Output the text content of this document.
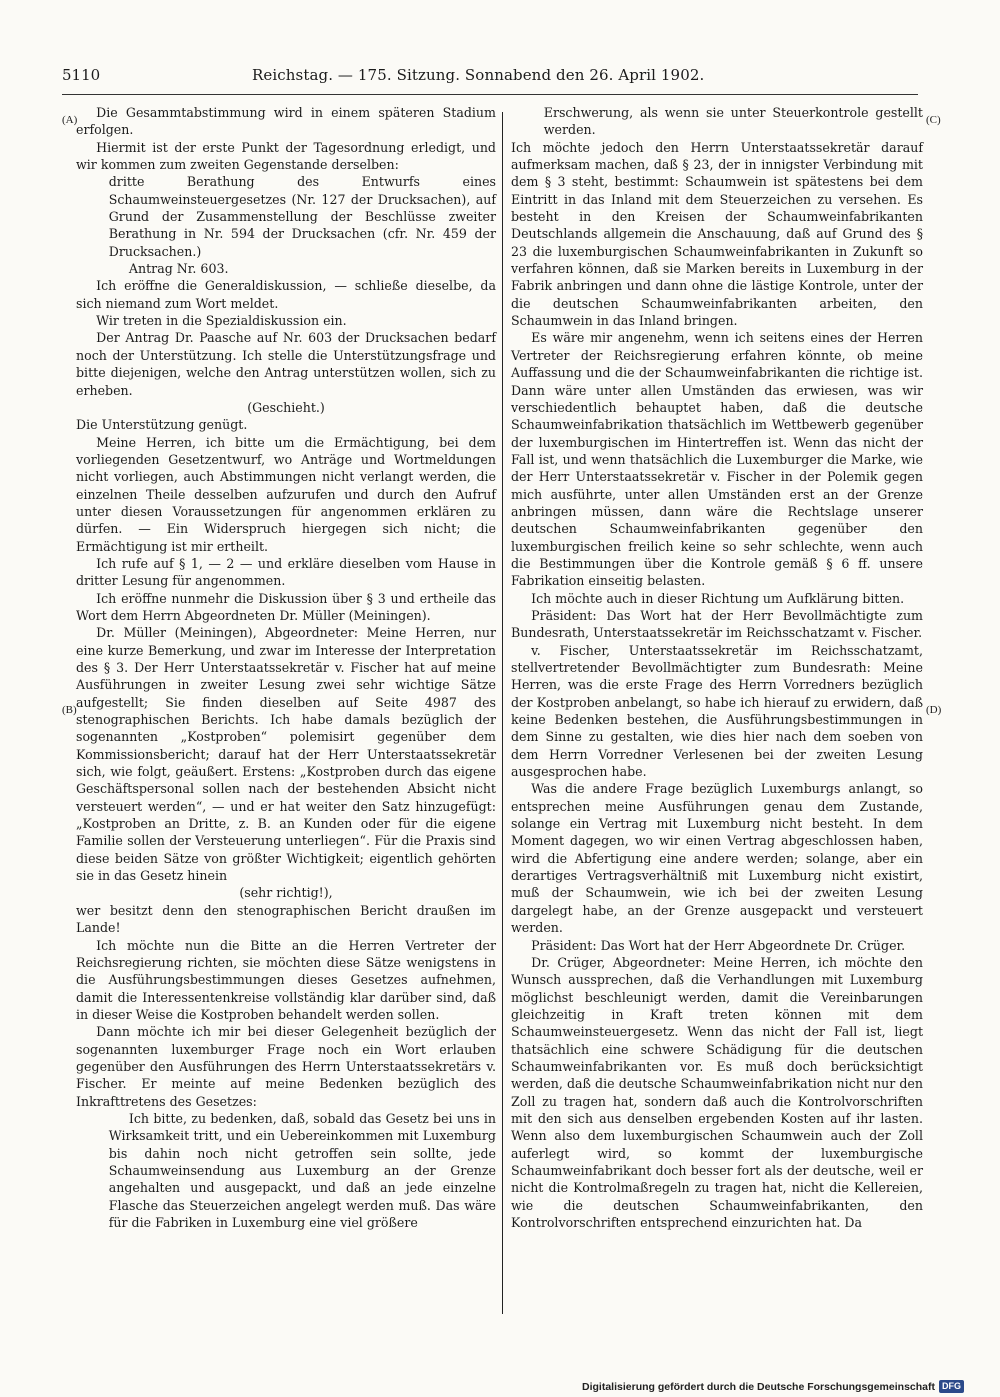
5110	Reichstag. — 175. Sitzung. Sonnabend den 26. April 1902.
(A)
(B)
(C)
(D)

Die Gesammtabstimmung wird in einem späteren Stadium erfolgen.

Hiermit ist der erste Punkt der Tagesordnung erledigt, und wir kommen zum zweiten Gegenstande derselben:

dritte Berathung des Entwurfs eines Schaumweinsteuergesetzes (Nr. 127 der Drucksachen), auf Grund der Zusammenstellung der Beschlüsse zweiter Berathung in Nr. 594 der Drucksachen (cfr. Nr. 459 der Drucksachen.)

Antrag Nr. 603.

Ich eröffne die Generaldiskussion, — schließe dieselbe, da sich niemand zum Wort meldet.

Wir treten in die Spezialdiskussion ein.

Der Antrag Dr. Paasche auf Nr. 603 der Drucksachen bedarf noch der Unterstützung. Ich stelle die Unterstützungsfrage und bitte diejenigen, welche den Antrag unterstützen wollen, sich zu erheben.

(Geschieht.)

Die Unterstützung genügt.

Meine Herren, ich bitte um die Ermächtigung, bei dem vorliegenden Gesetzentwurf, wo Anträge und Wortmeldungen nicht vorliegen, auch Abstimmungen nicht verlangt werden, die einzelnen Theile desselben aufzurufen und durch den Aufruf unter diesen Voraussetzungen für angenommen erklären zu dürfen. — Ein Widerspruch hiergegen sich nicht; die Ermächtigung ist mir ertheilt.

Ich rufe auf § 1, — 2 — und erkläre dieselben vom Hause in dritter Lesung für angenommen.

Ich eröffne nunmehr die Diskussion über § 3 und ertheile das Wort dem Herrn Abgeordneten Dr. Müller (Meiningen).

Dr. Müller (Meiningen), Abgeordneter: Meine Herren, nur eine kurze Bemerkung, und zwar im Interesse der Interpretation des § 3. Der Herr Unterstaatssekretär v. Fischer hat auf meine Ausführungen in zweiter Lesung zwei sehr wichtige Sätze aufgestellt; Sie finden dieselben auf Seite 4987 des stenographischen Berichts. Ich habe damals bezüglich der sogenannten „Kostproben“ polemisirt gegenüber dem Kommissionsbericht; darauf hat der Herr Unterstaatssekretär sich, wie folgt, geäußert. Erstens: „Kostproben durch das eigene Geschäftspersonal sollen nach der bestehenden Absicht nicht versteuert werden“, — und er hat weiter den Satz hinzugefügt: „Kostproben an Dritte, z. B. an Kunden oder für die eigene Familie sollen der Versteuerung unterliegen“. Für die Praxis sind diese beiden Sätze von größter Wichtigkeit; eigentlich gehörten sie in das Gesetz hinein

(sehr richtig!),

wer besitzt denn den stenographischen Bericht draußen im Lande!

Ich möchte nun die Bitte an die Herren Vertreter der Reichsregierung richten, sie möchten diese Sätze wenigstens in die Ausführungsbestimmungen dieses Gesetzes aufnehmen, damit die Interessentenkreise vollständig klar darüber sind, daß in dieser Weise die Kostproben behandelt werden sollen.

Dann möchte ich mir bei dieser Gelegenheit bezüglich der sogenannten luxemburger Frage noch ein Wort erlauben gegenüber den Ausführungen des Herrn Unterstaatssekretärs v. Fischer. Er meinte auf meine Bedenken bezüglich des Inkrafttretens des Gesetzes:

Ich bitte, zu bedenken, daß, sobald das Gesetz bei uns in Wirksamkeit tritt, und ein Uebereinkommen mit Luxemburg bis dahin noch nicht getroffen sein sollte, jede Schaumweinsendung aus Luxemburg an der Grenze angehalten und ausgepackt, und daß an jede einzelne Flasche das Steuerzeichen angelegt werden muß. Das wäre für die Fabriken in Luxemburg eine viel größere

Erschwerung, als wenn sie unter Steuerkontrole gestellt werden.

Ich möchte jedoch den Herrn Unterstaatssekretär darauf aufmerksam machen, daß § 23, der in innigster Verbindung mit dem § 3 steht, bestimmt: Schaumwein ist spätestens bei dem Eintritt in das Inland mit dem Steuerzeichen zu versehen. Es besteht in den Kreisen der Schaumweinfabrikanten Deutschlands allgemein die Anschauung, daß auf Grund des § 23 die luxemburgischen Schaumweinfabrikanten in Zukunft so verfahren können, daß sie Marken bereits in Luxemburg in der Fabrik anbringen und dann ohne die lästige Kontrole, unter der die deutschen Schaumweinfabrikanten arbeiten, den Schaumwein in das Inland bringen.

Es wäre mir angenehm, wenn ich seitens eines der Herren Vertreter der Reichsregierung erfahren könnte, ob meine Auffassung und die der Schaumweinfabrikanten die richtige ist. Dann wäre unter allen Umständen das erwiesen, was wir verschiedentlich behauptet haben, daß die deutsche Schaumweinfabrikation thatsächlich im Wettbewerb gegenüber der luxemburgischen im Hintertreffen ist. Wenn das nicht der Fall ist, und wenn thatsächlich die Luxemburger die Marke, wie der Herr Unterstaatssekretär v. Fischer in der Polemik gegen mich ausführte, unter allen Umständen erst an der Grenze anbringen müssen, dann wäre die Rechtslage unserer deutschen Schaumweinfabrikanten gegenüber den luxemburgischen freilich keine so sehr schlechte, wenn auch die Bestimmungen über die Kontrole gemäß § 6 ff. unsere Fabrikation einseitig belasten.

Ich möchte auch in dieser Richtung um Aufklärung bitten.

Präsident: Das Wort hat der Herr Bevollmächtigte zum Bundesrath, Unterstaatssekretär im Reichsschatzamt v. Fischer.

v. Fischer, Unterstaatssekretär im Reichsschatzamt, stellvertretender Bevollmächtigter zum Bundesrath: Meine Herren, was die erste Frage des Herrn Vorredners bezüglich der Kostproben anbelangt, so habe ich hierauf zu erwidern, daß keine Bedenken bestehen, die Ausführungsbestimmungen in dem Sinne zu gestalten, wie dies hier nach dem soeben von dem Herrn Vorredner Verlesenen bei der zweiten Lesung ausgesprochen habe.

Was die andere Frage bezüglich Luxemburgs anlangt, so entsprechen meine Ausführungen genau dem Zustande, solange ein Vertrag mit Luxemburg nicht besteht. In dem Moment dagegen, wo wir einen Vertrag abgeschlossen haben, wird die Abfertigung eine andere werden; solange, aber ein derartiges Vertragsverhältniß mit Luxemburg nicht existirt, muß der Schaumwein, wie ich bei der zweiten Lesung dargelegt habe, an der Grenze ausgepackt und versteuert werden.

Präsident: Das Wort hat der Herr Abgeordnete Dr. Crüger.

Dr. Crüger, Abgeordneter: Meine Herren, ich möchte den Wunsch aussprechen, daß die Verhandlungen mit Luxemburg möglichst beschleunigt werden, damit die Vereinbarungen gleichzeitig in Kraft treten können mit dem Schaumweinsteuergesetz. Wenn das nicht der Fall ist, liegt thatsächlich eine schwere Schädigung für die deutschen Schaumweinfabrikanten vor. Es muß doch berücksichtigt werden, daß die deutsche Schaumweinfabrikation nicht nur den Zoll zu tragen hat, sondern daß auch die Kontrolvorschriften mit den sich aus denselben ergebenden Kosten auf ihr lasten. Wenn also dem luxemburgischen Schaumwein auch der Zoll auferlegt wird, so kommt der luxemburgische Schaumweinfabrikant doch besser fort als der deutsche, weil er nicht die Kontrolmaßregeln zu tragen hat, nicht die Kellereien, wie die deutschen Schaumweinfabrikanten, den Kontrolvorschriften entsprechend einzurichten hat. Da

Digitalisierung gefördert durch die Deutsche Forschungsgemeinschaft DFG
